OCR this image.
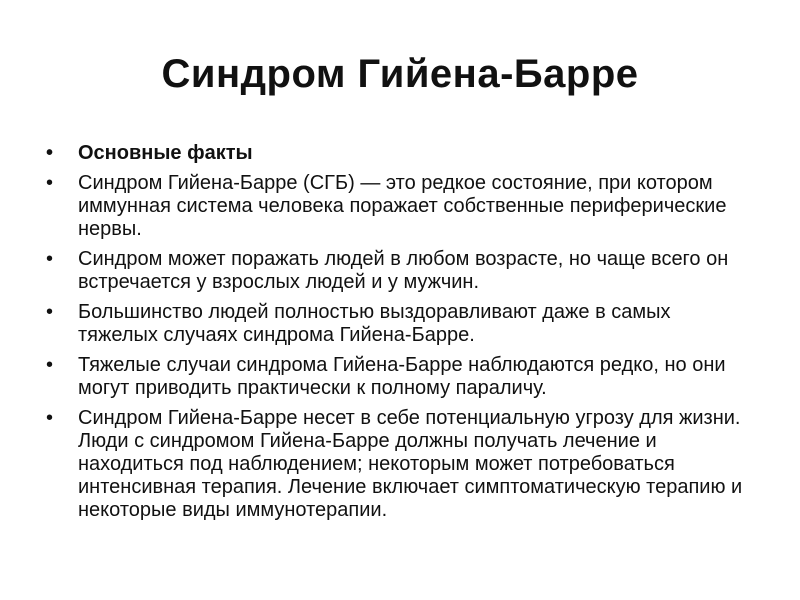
Синдром Гийена-Барре
• Основные факты
• Синдром Гийена-Барре (СГБ) — это редкое состояние, при котором иммунная система человека поражает собственные периферические нервы.
• Синдром может поражать людей в любом возрасте, но чаще всего он встречается у взрослых людей и у мужчин.
• Большинство людей полностью выздоравливают даже в самых тяжелых случаях синдрома Гийена-Барре.
• Тяжелые случаи синдрома Гийена-Барре наблюдаются редко, но они могут приводить практически к полному параличу.
• Синдром Гийена-Барре несет в себе потенциальную угрозу для жизни. Люди с синдромом Гийена-Барре должны получать лечение и находиться под наблюдением; некоторым может потребоваться интенсивная терапия. Лечение включает симптоматическую терапию и некоторые виды иммунотерапии.
